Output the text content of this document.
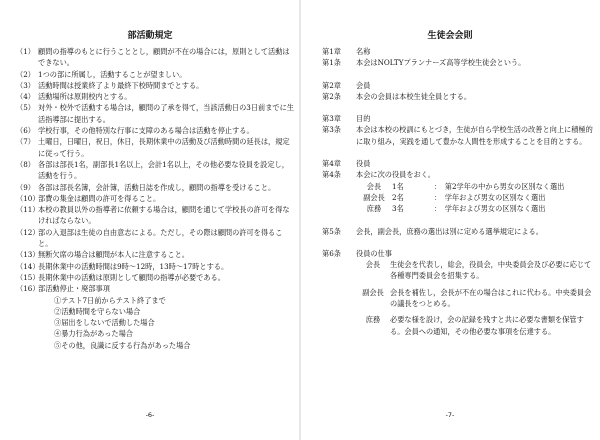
部活動規定
（1） 顧問の指導のもとに行うこととし，顧問が不在の場合には，原則として活動はできない。
（2） 1つの部に所属し，活動することが望ましい。
（3） 活動時間は授業終了より最終下校時間までとする。
（4） 活動場所は原則校内とする。
（5） 対外・校外で活動する場合は，顧問の了承を得て，当該活動日の3日前までに生活指導部に提出する。
（6） 学校行事，その他特別な行事に支障のある場合は活動を停止する。
（7） 土曜日，日曜日，祝日，休日，長期休業中の活動及び活動時間の延長は，規定に従って行う。
（8） 各部は部長1名，副部長1名以上，会計1名以上，その他必要な役員を設定し，活動を行う。
（9） 各部は部長名簿，会計簿，活動日誌を作成し，顧問の指導を受けること。
（10）
部費の集金は顧問の許可を得ること。
（11）
本校の教員以外の指導者に依頼する場合は，顧問を通じて学校長の許可を得なければならない。
（12）
部の入退部は生徒の自由意志による。ただし，その際は顧問の許可を得ること。
（13）
無断欠席の場合は顧問が本人に注意すること。
（14）
長期休業中の活動時間は9時～12時，13時～17時とする。
（15）
長期休業中の活動は原則として顧問の指導が必要である。
（16）
部活動停止・廃部事項
①テスト7日前からテスト終了まで
②活動時間を守らない場合
③届出をしないで活動した場合
④暴力行為があった場合
⑤その他，良識に反する行為があった場合
-6-
生徒会会則
第1章	名称
第1条	本会はNOLTYプランナーズ高等学校生徒会という。
第2章	会員
第2条	本会の会員は本校生徒全員とする。
第3章	目的
第3条	本会は本校の校訓にもとづき，生徒が自ら学校生活の改善と向上に積極的に取り組み，実践を通して豊かな人間性を形成することを目的とする。
第4章	役員
第4条	本会に次の役員をおく。
会長	1名	：　第2学年の中から男女の区別なく選出
副会長	2名	：　学年および男女の区別なく選出
庶務	3名	：　学年および男女の区別なく選出
第5条	会長，副会長，庶務の選出は別に定める選挙規定による。
第6条	役員の仕事
会長	生徒会を代表し，総会，役員会，中央委員会及び必要に応じて各種専門委員会を招集する。
副会長 会長を補佐し，会長が不在の場合はこれに代わる。中央委員会の議長をつとめる。
庶務	必要な様を設け，会の記録を残すと共に必要な書類を保管する。会員への通知，その他必要な事項を伝達する。
-7-
